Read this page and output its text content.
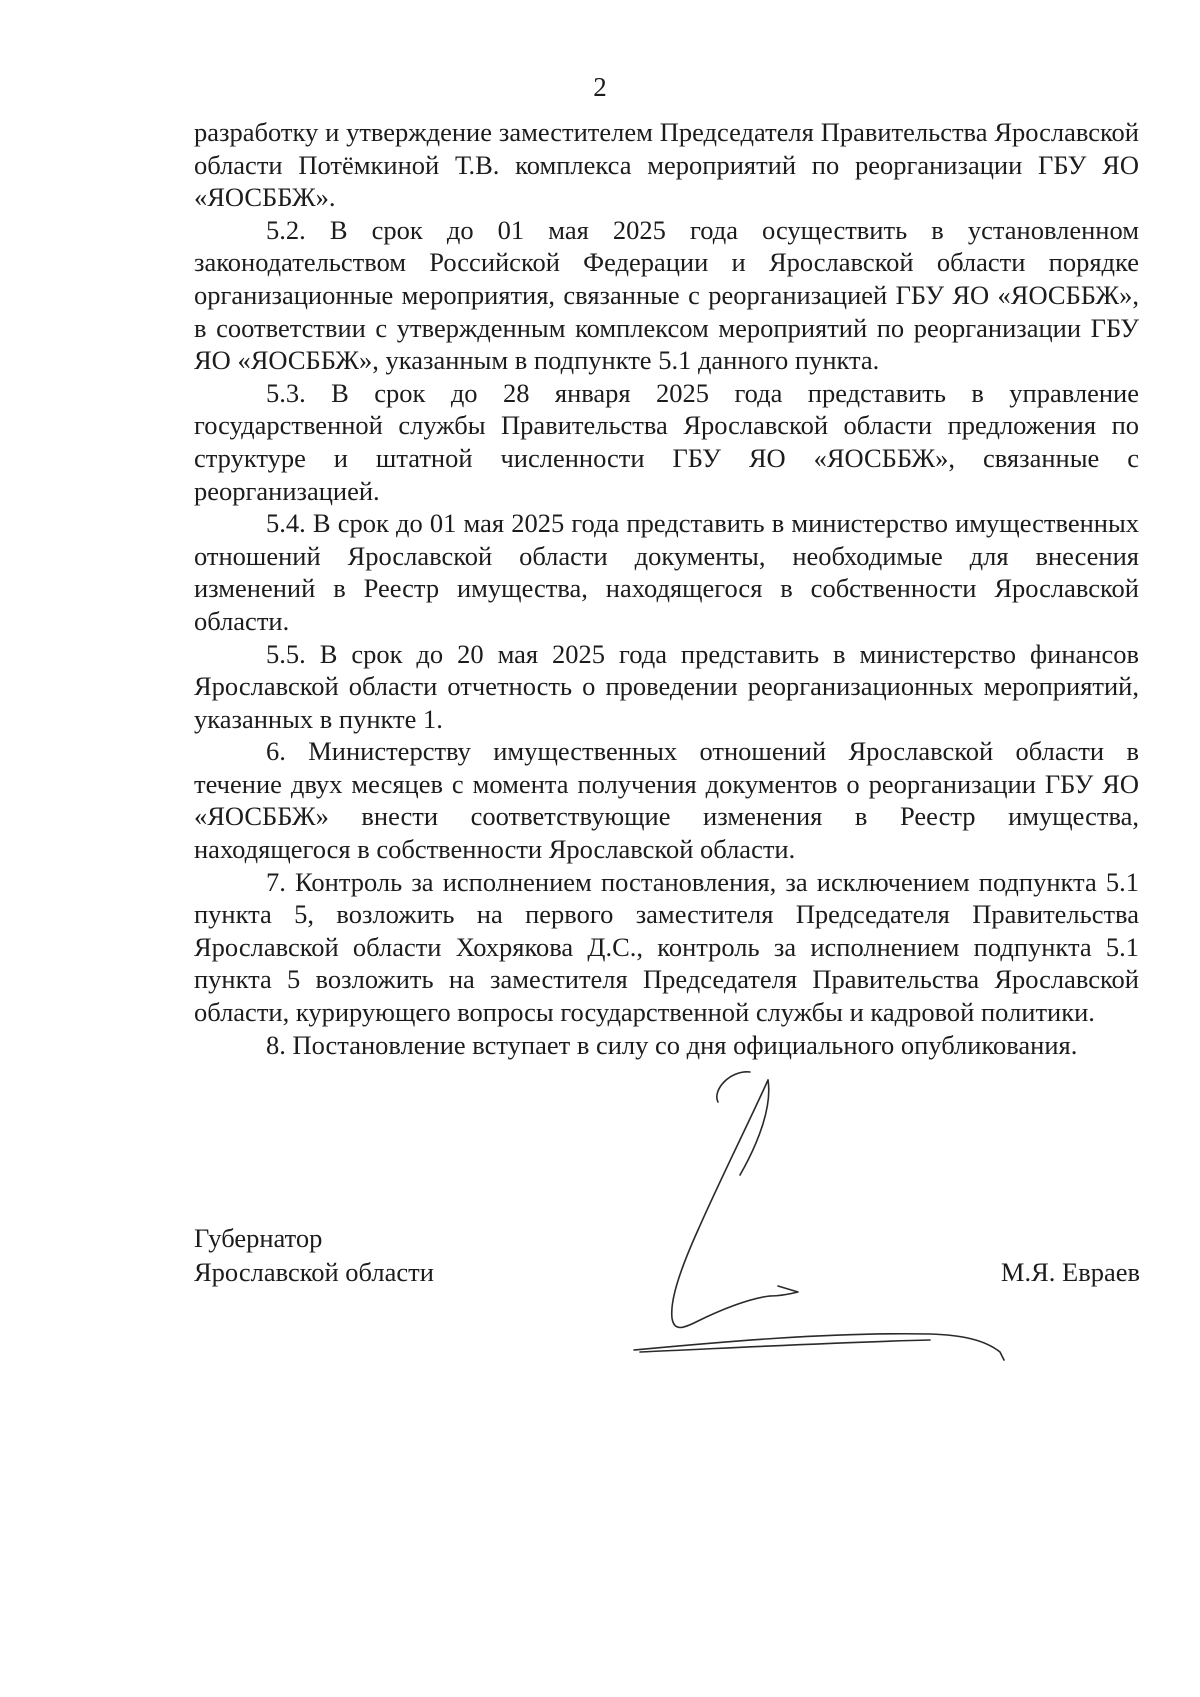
2

разработку и утверждение заместителем Председателя Правительства Ярославской области Потёмкиной Т.В. комплекса мероприятий по реорганизации ГБУ ЯО «ЯОСББЖ».

5.2. В срок до 01 мая 2025 года осуществить в установленном законодательством Российской Федерации и Ярославской области порядке организационные мероприятия, связанные с реорганизацией ГБУ ЯО «ЯОСББЖ», в соответствии с утвержденным комплексом мероприятий по реорганизации ГБУ ЯО «ЯОСББЖ», указанным в подпункте 5.1 данного пункта.

5.3. В срок до 28 января 2025 года представить в управление государственной службы Правительства Ярославской области предложения по структуре и штатной численности ГБУ ЯО «ЯОСББЖ», связанные с реорганизацией.

5.4. В срок до 01 мая 2025 года представить в министерство имущественных отношений Ярославской области документы, необходимые для внесения изменений в Реестр имущества, находящегося в собственности Ярославской области.

5.5. В срок до 20 мая 2025 года представить в министерство финансов Ярославской области отчетность о проведении реорганизационных мероприятий, указанных в пункте 1.

6. Министерству имущественных отношений Ярославской области в течение двух месяцев с момента получения документов о реорганизации ГБУ ЯО «ЯОСББЖ» внести соответствующие изменения в Реестр имущества, находящегося в собственности Ярославской области.

7. Контроль за исполнением постановления, за исключением подпункта 5.1 пункта 5, возложить на первого заместителя Председателя Правительства Ярославской области Хохрякова Д.С., контроль за исполнением подпункта 5.1 пункта 5 возложить на заместителя Председателя Правительства Ярославской области, курирующего вопросы государственной службы и кадровой политики.

8. Постановление вступает в силу со дня официального опубликования.

Губернатор
Ярославской области	М.Я. Евраев
